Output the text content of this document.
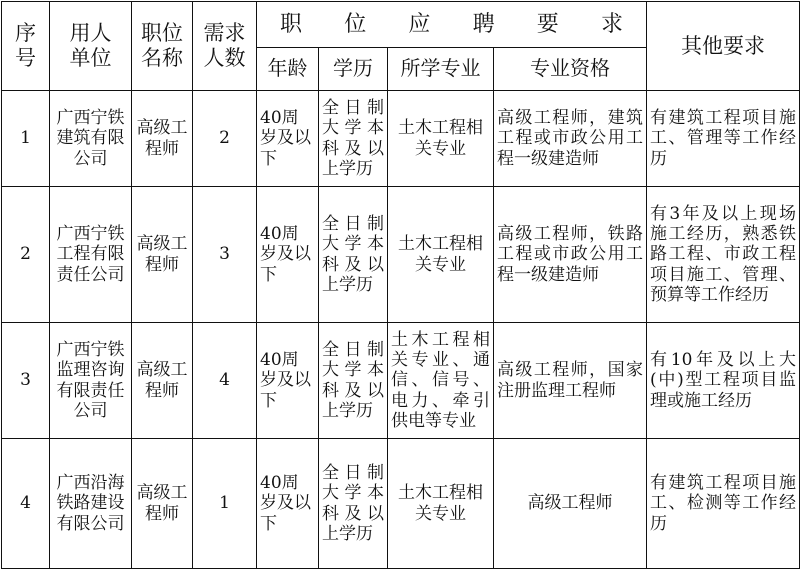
序号	用人单位	职位名称	需求人数	职 位 应 聘 要 求				其他要求
				年龄	学历	所学专业	专业资格	
1	广西宁铁建筑有限公司	高级工程师	2	40周岁及以下	全日制大学本科及以上学历	土木工程相关专业	高级工程师，建筑工程或市政公用工程一级建造师	有建筑工程项目施工、管理等工作经历
2	广西宁铁工程有限责任公司	高级工程师	3	40周岁及以下	全日制大学本科及以上学历	土木工程相关专业	高级工程师，铁路工程或市政公用工程一级建造师	有3年及以上现场施工经历，熟悉铁路工程、市政工程项目施工、管理、预算等工作经历
3	广西宁铁监理咨询有限责任公司	高级工程师	4	40周岁及以下	全日制大学本科及以上学历	土木工程相关专业、通信、信号、电力、牵引供电等专业	高级工程师，国家注册监理工程师	有10年及以上大(中)型工程项目监理或施工经历
4	广西沿海铁路建设有限公司	高级工程师	1	40周岁及以下	全日制大学本科及以上学历	土木工程相关专业	高级工程师	有建筑工程项目施工、检测等工作经历
